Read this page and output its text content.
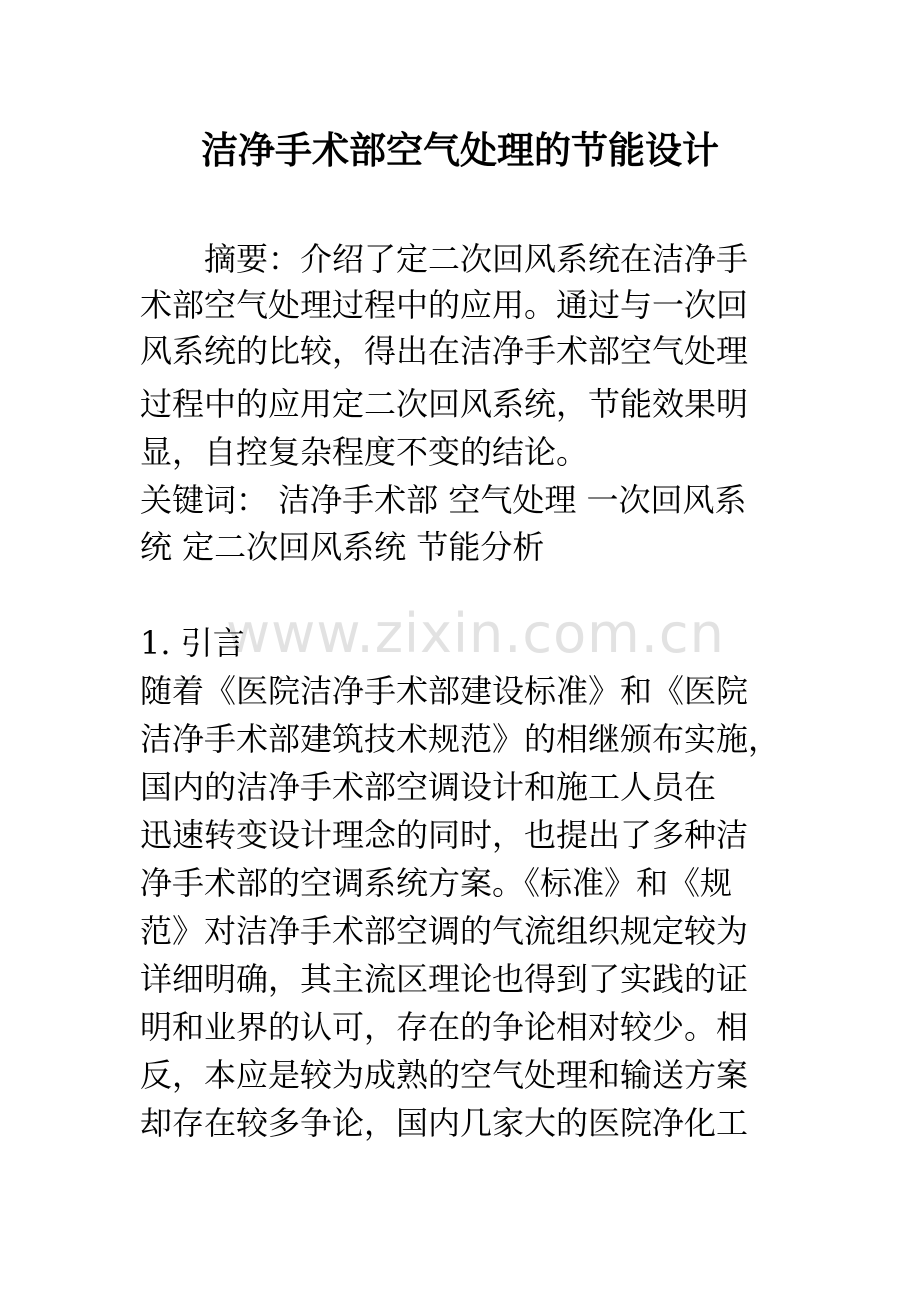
洁净手术部空气处理的节能设计

　　摘要：介绍了定二次回风系统在洁净手

术部空气处理过程中的应用。通过与一次回

风系统的比较，得出在洁净手术部空气处理

过程中的应用定二次回风系统，节能效果明

显，自控复杂程度不变的结论。

关键词： 洁净手术部 空气处理 一次回风系

统 定二次回风系统 节能分析

www.zixin.com.cn

1. 引言

随着《医院洁净手术部建设标准》和《医院

洁净手术部建筑技术规范》的相继颁布实施，

国内的洁净手术部空调设计和施工人员在

迅速转变设计理念的同时，也提出了多种洁

净手术部的空调系统方案。《标准》和《规

范》对洁净手术部空调的气流组织规定较为

详细明确，其主流区理论也得到了实践的证

明和业界的认可，存在的争论相对较少。相

反，本应是较为成熟的空气处理和输送方案

却存在较多争论，国内几家大的医院净化工
